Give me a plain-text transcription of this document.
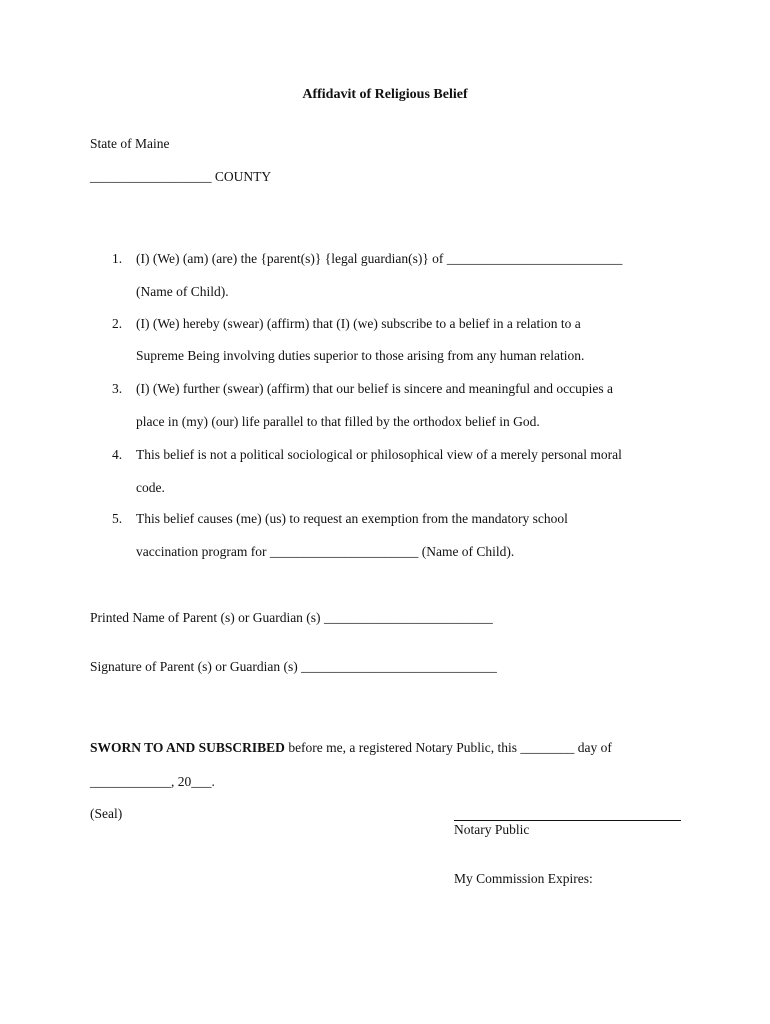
Affidavit of Religious Belief
State of Maine
__________________ COUNTY
1. (I) (We) (am) (are) the {parent(s)} {legal guardian(s)} of __________________________
(Name of Child).
2. (I) (We) hereby (swear) (affirm) that (I) (we) subscribe to a belief in a relation to a
Supreme Being involving duties superior to those arising from any human relation.
3. (I) (We) further (swear) (affirm) that our belief is sincere and meaningful and occupies a
place in (my) (our) life parallel to that filled by the orthodox belief in God.
4. This belief is not a political sociological or philosophical view of a merely personal moral
code.
5. This belief causes (me) (us) to request an exemption from the mandatory school
vaccination program for ______________________ (Name of Child).
Printed Name of Parent (s) or Guardian (s) _________________________
Signature of Parent (s) or Guardian (s) _____________________________
SWORN TO AND SUBSCRIBED before me, a registered Notary Public, this ________ day of
____________, 20___.
(Seal)
Notary Public
My Commission Expires:
